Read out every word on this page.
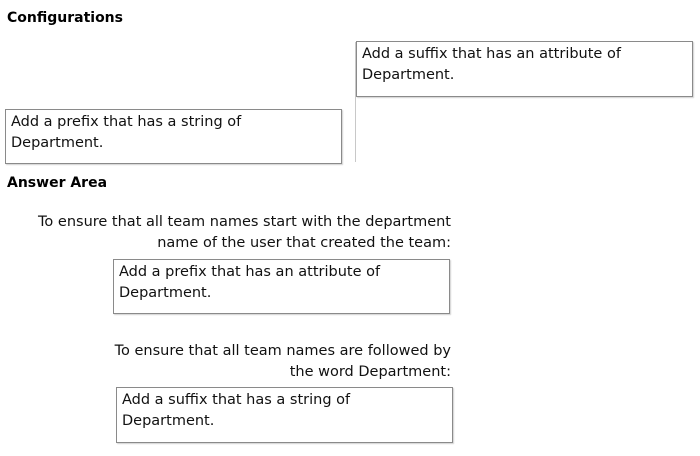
Configurations
Add a suffix that has an attribute of Department.
Add a prefix that has a string of Department.
Answer Area
To ensure that all team names start with the department name of the user that created the team:
Add a prefix that has an attribute of Department.
To ensure that all team names are followed by the word Department:
Add a suffix that has a string of Department.
